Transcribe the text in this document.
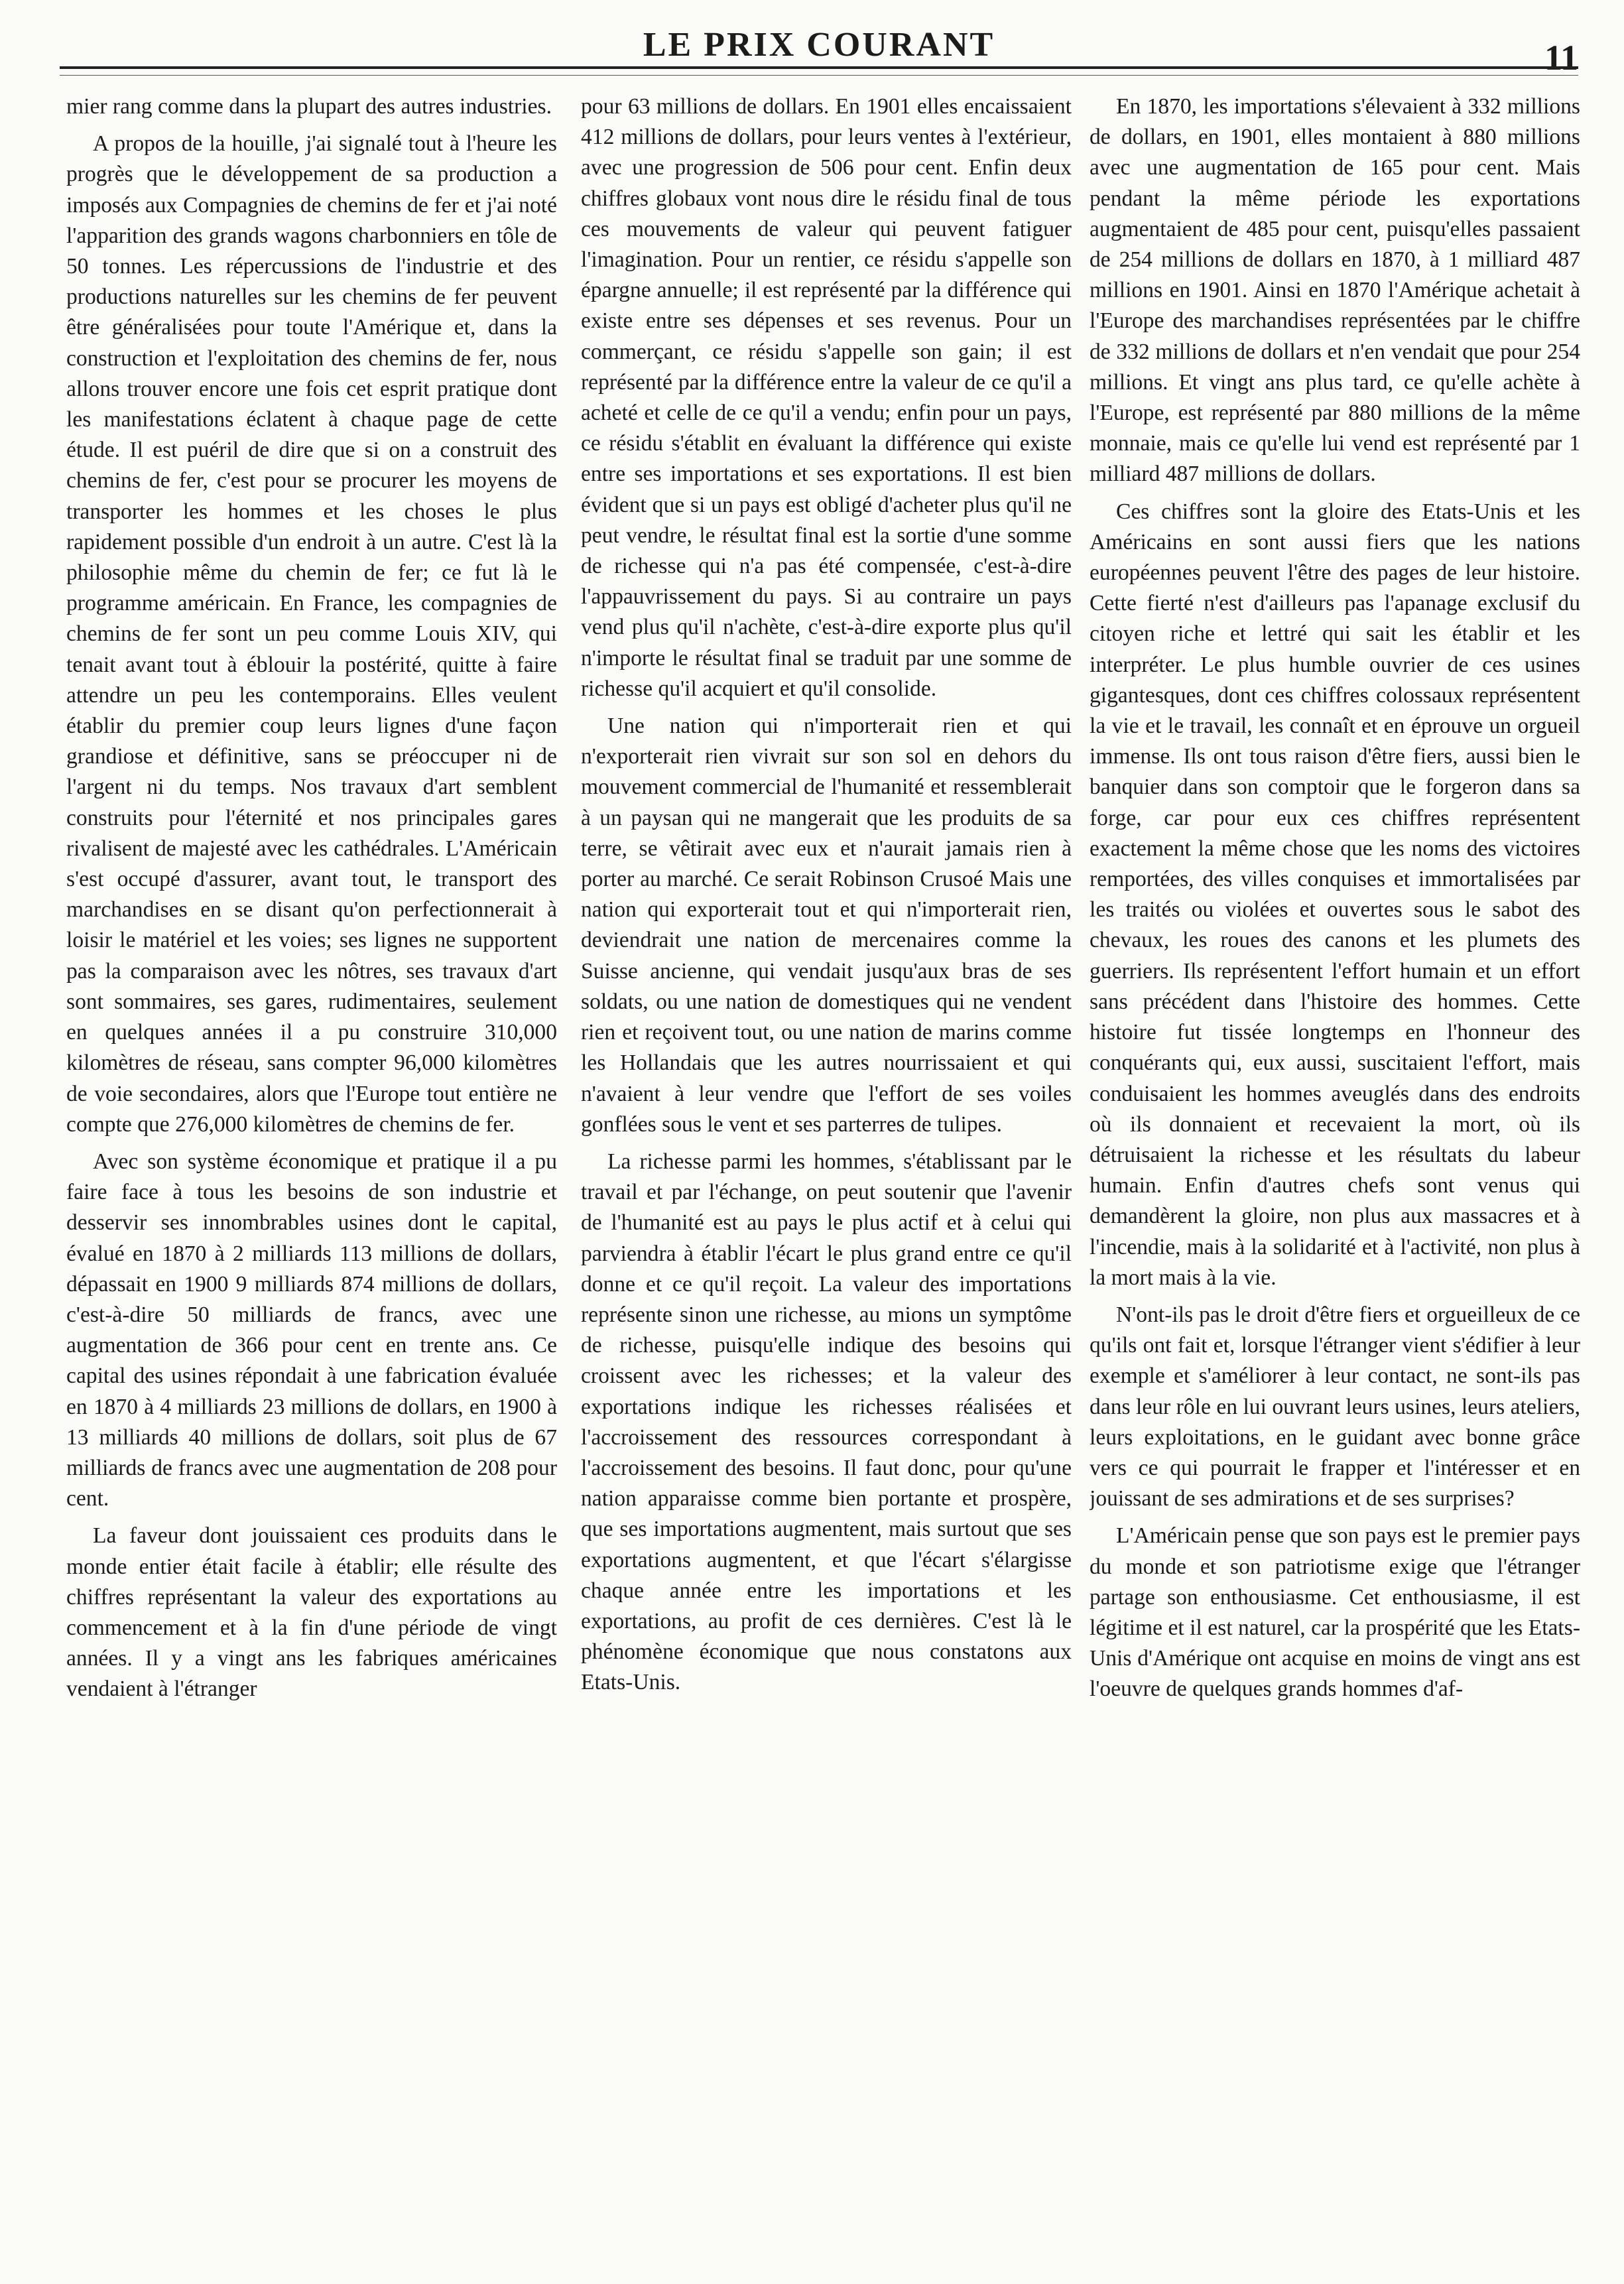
LE PRIX COURANT	11

mier rang comme dans la plupart des autres industries.

A propos de la houille, j'ai signalé tout à l'heure les progrès que le développement de sa production a imposés aux Compagnies de chemins de fer et j'ai noté l'apparition des grands wagons charbonniers en tôle de 50 tonnes. Les répercussions de l'industrie et des productions naturelles sur les chemins de fer peuvent être généralisées pour toute l'Amérique et, dans la construction et l'exploitation des chemins de fer, nous allons trouver encore une fois cet esprit pratique dont les manifestations éclatent à chaque page de cette étude. Il est puéril de dire que si on a construit des chemins de fer, c'est pour se procurer les moyens de transporter les hommes et les choses le plus rapidement possible d'un endroit à un autre. C'est là la philosophie même du chemin de fer; ce fut là le programme américain. En France, les compagnies de chemins de fer sont un peu comme Louis XIV, qui tenait avant tout à éblouir la postérité, quitte à faire attendre un peu les contemporains. Elles veulent établir du premier coup leurs lignes d'une façon grandiose et définitive, sans se préoccuper ni de l'argent ni du temps. Nos travaux d'art semblent construits pour l'éternité et nos principales gares rivalisent de majesté avec les cathédrales. L'Américain s'est occupé d'assurer, avant tout, le transport des marchandises en se disant qu'on perfectionnerait à loisir le matériel et les voies; ses lignes ne supportent pas la comparaison avec les nôtres, ses travaux d'art sont sommaires, ses gares, rudimentaires, seulement en quelques années il a pu construire 310,000 kilomètres de réseau, sans compter 96,000 kilomètres de voie secondaires, alors que l'Europe tout entière ne compte que 276,000 kilomètres de chemins de fer.

Avec son système économique et pratique il a pu faire face à tous les besoins de son industrie et desservir ses innombrables usines dont le capital, évalué en 1870 à 2 milliards 113 millions de dollars, dépassait en 1900 9 milliards 874 millions de dollars, c'est-à-dire 50 milliards de francs, avec une augmentation de 366 pour cent en trente ans. Ce capital des usines répondait à une fabrication évaluée en 1870 à 4 milliards 23 millions de dollars, en 1900 à 13 milliards 40 millions de dollars, soit plus de 67 milliards de francs avec une augmentation de 208 pour cent.

La faveur dont jouissaient ces produits dans le monde entier était facile à établir; elle résulte des chiffres représentant la valeur des exportations au commencement et à la fin d'une période de vingt années. Il y a vingt ans les fabriques américaines vendaient à l'étranger

pour 63 millions de dollars. En 1901 elles encaissaient 412 millions de dollars, pour leurs ventes à l'extérieur, avec une progression de 506 pour cent. Enfin deux chiffres globaux vont nous dire le résidu final de tous ces mouvements de valeur qui peuvent fatiguer l'imagination. Pour un rentier, ce résidu s'appelle son épargne annuelle; il est représenté par la différence qui existe entre ses dépenses et ses revenus. Pour un commerçant, ce résidu s'appelle son gain; il est représenté par la différence entre la valeur de ce qu'il a acheté et celle de ce qu'il a vendu; enfin pour un pays, ce résidu s'établit en évaluant la différence qui existe entre ses importations et ses exportations. Il est bien évident que si un pays est obligé d'acheter plus qu'il ne peut vendre, le résultat final est la sortie d'une somme de richesse qui n'a pas été compensée, c'est-à-dire l'appauvrissement du pays. Si au contraire un pays vend plus qu'il n'achète, c'est-à-dire exporte plus qu'il n'importe le résultat final se traduit par une somme de richesse qu'il acquiert et qu'il consolide.

Une nation qui n'importerait rien et qui n'exporterait rien vivrait sur son sol en dehors du mouvement commercial de l'humanité et ressemblerait à un paysan qui ne mangerait que les produits de sa terre, se vêtirait avec eux et n'aurait jamais rien à porter au marché. Ce serait Robinson Crusoé Mais une nation qui exporterait tout et qui n'importerait rien, deviendrait une nation de mercenaires comme la Suisse ancienne, qui vendait jusqu'aux bras de ses soldats, ou une nation de domestiques qui ne vendent rien et reçoivent tout, ou une nation de marins comme les Hollandais que les autres nourrissaient et qui n'avaient à leur vendre que l'effort de ses voiles gonflées sous le vent et ses parterres de tulipes.

La richesse parmi les hommes, s'établissant par le travail et par l'échange, on peut soutenir que l'avenir de l'humanité est au pays le plus actif et à celui qui parviendra à établir l'écart le plus grand entre ce qu'il donne et ce qu'il reçoit. La valeur des importations représente sinon une richesse, au mions un symptôme de richesse, puisqu'elle indique des besoins qui croissent avec les richesses; et la valeur des exportations indique les richesses réalisées et l'accroissement des ressources correspondant à l'accroissement des besoins. Il faut donc, pour qu'une nation apparaisse comme bien portante et prospère, que ses importations augmentent, mais surtout que ses exportations augmentent, et que l'écart s'élargisse chaque année entre les importations et les exportations, au profit de ces dernières. C'est là le phénomène économique que nous constatons aux Etats-Unis.

En 1870, les importations s'élevaient à 332 millions de dollars, en 1901, elles montaient à 880 millions avec une augmentation de 165 pour cent. Mais pendant la même période les exportations augmentaient de 485 pour cent, puisqu'elles passaient de 254 millions de dollars en 1870, à 1 milliard 487 millions en 1901. Ainsi en 1870 l'Amérique achetait à l'Europe des marchandises représentées par le chiffre de 332 millions de dollars et n'en vendait que pour 254 millions. Et vingt ans plus tard, ce qu'elle achète à l'Europe, est représenté par 880 millions de la même monnaie, mais ce qu'elle lui vend est représenté par 1 milliard 487 millions de dollars.

Ces chiffres sont la gloire des Etats-Unis et les Américains en sont aussi fiers que les nations européennes peuvent l'être des pages de leur histoire. Cette fierté n'est d'ailleurs pas l'apanage exclusif du citoyen riche et lettré qui sait les établir et les interpréter. Le plus humble ouvrier de ces usines gigantesques, dont ces chiffres colossaux représentent la vie et le travail, les connaît et en éprouve un orgueil immense. Ils ont tous raison d'être fiers, aussi bien le banquier dans son comptoir que le forgeron dans sa forge, car pour eux ces chiffres représentent exactement la même chose que les noms des victoires remportées, des villes conquises et immortalisées par les traités ou violées et ouvertes sous le sabot des chevaux, les roues des canons et les plumets des guerriers. Ils représentent l'effort humain et un effort sans précédent dans l'histoire des hommes. Cette histoire fut tissée longtemps en l'honneur des conquérants qui, eux aussi, suscitaient l'effort, mais conduisaient les hommes aveuglés dans des endroits où ils donnaient et recevaient la mort, où ils détruisaient la richesse et les résultats du labeur humain. Enfin d'autres chefs sont venus qui demandèrent la gloire, non plus aux massacres et à l'incendie, mais à la solidarité et à l'activité, non plus à la mort mais à la vie.

N'ont-ils pas le droit d'être fiers et orgueilleux de ce qu'ils ont fait et, lorsque l'étranger vient s'édifier à leur exemple et s'améliorer à leur contact, ne sont-ils pas dans leur rôle en lui ouvrant leurs usines, leurs ateliers, leurs exploitations, en le guidant avec bonne grâce vers ce qui pourrait le frapper et l'intéresser et en jouissant de ses admirations et de ses surprises?

L'Américain pense que son pays est le premier pays du monde et son patriotisme exige que l'étranger partage son enthousiasme. Cet enthousiasme, il est légitime et il est naturel, car la prospérité que les Etats-Unis d'Amérique ont acquise en moins de vingt ans est l'oeuvre de quelques grands hommes d'af-
